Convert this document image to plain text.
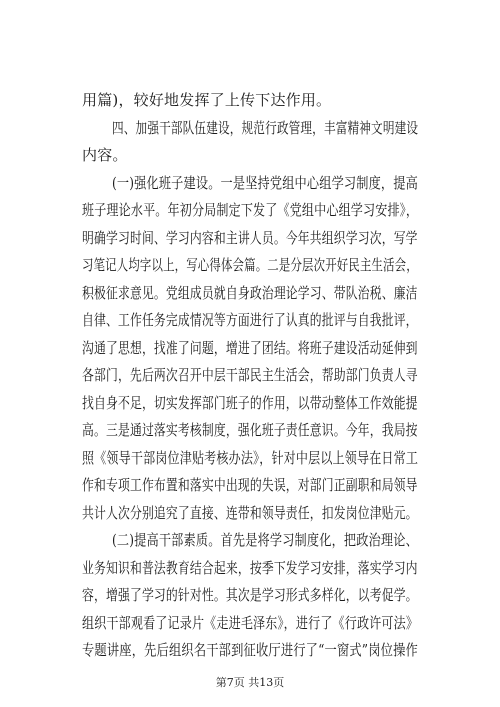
用篇)，较好地发挥了上传下达作用。
四、加强干部队伍建设，规范行政管理，丰富精神文明建设
内容。
(一)强化班子建设。一是坚持党组中心组学习制度，提高
班子理论水平。年初分局制定下发了《党组中心组学习安排》，
明确学习时间、学习内容和主讲人员。今年共组织学习次，写学
习笔记人均字以上，写心得体会篇。二是分层次开好民主生活会，
积极征求意见。党组成员就自身政治理论学习、带队治税、廉洁
自律、工作任务完成情况等方面进行了认真的批评与自我批评，
沟通了思想，找准了问题，增进了团结。将班子建设活动延伸到
各部门，先后两次召开中层干部民主生活会，帮助部门负责人寻
找自身不足，切实发挥部门班子的作用，以带动整体工作效能提
高。三是通过落实考核制度，强化班子责任意识。今年，我局按
照《领导干部岗位津贴考核办法》，针对中层以上领导在日常工
作和专项工作布置和落实中出现的失误，对部门正副职和局领导
共计人次分别追究了直接、连带和领导责任，扣发岗位津贴元。
(二)提高干部素质。首先是将学习制度化，把政治理论、
业务知识和普法教育结合起来，按季下发学习安排，落实学习内
容，增强了学习的针对性。其次是学习形式多样化，以考促学。
组织干部观看了记录片《走进毛泽东》，进行了《行政许可法》
专题讲座，先后组织名干部到征收厅进行了“一窗式”岗位操作
第7页 共13页
